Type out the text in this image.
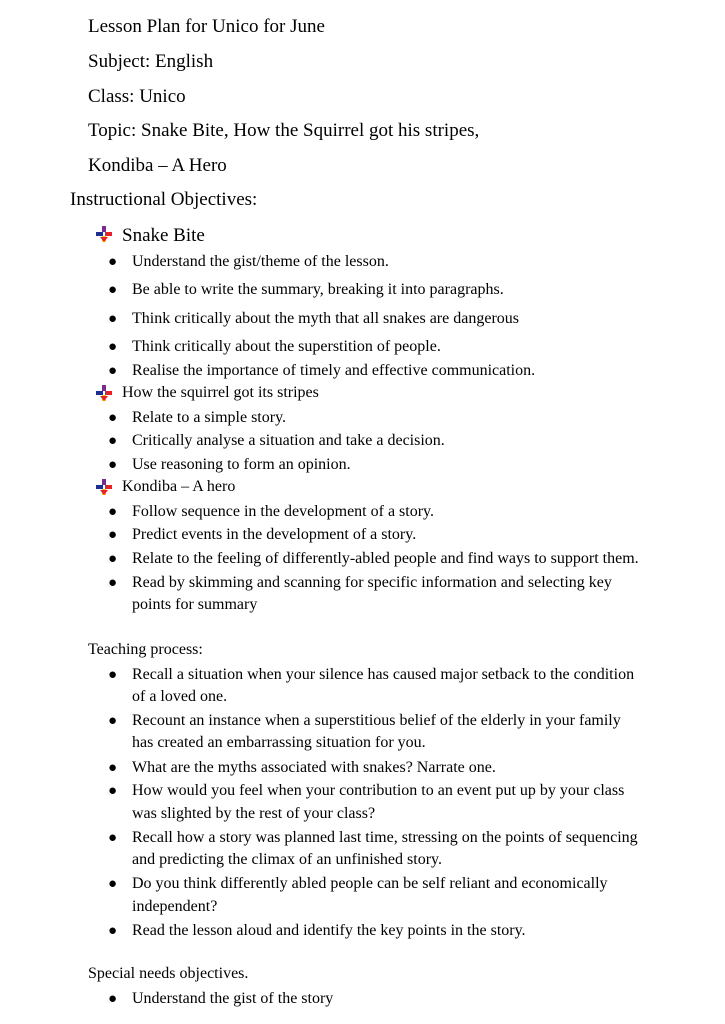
Lesson Plan for Unico for June
Subject: English
Class: Unico
Topic: Snake Bite, How the Squirrel got his stripes,
Kondiba – A Hero
Instructional Objectives:
Snake Bite
● Understand the gist/theme of the lesson.
● Be able to write the summary, breaking it into paragraphs.
● Think critically about the myth that all snakes are dangerous
● Think critically about the superstition of people.
● Realise the importance of timely and effective communication.
How the squirrel got its stripes
● Relate to a simple story.
● Critically analyse a situation and take a decision.
● Use reasoning to form an opinion.
Kondiba – A hero
● Follow sequence in the development of a story.
● Predict events in the development of a story.
● Relate to the feeling of differently-abled people and find ways to support them.
● Read by skimming and scanning for specific information and selecting key
points for summary
Teaching process:
● Recall a situation when your silence has caused major setback to the condition
of a loved one.
● Recount an instance when a superstitious belief of the elderly in your family
has created an embarrassing situation for you.
● What are the myths associated with snakes? Narrate one.
● How would you feel when your contribution to an event put up by your class
was slighted by the rest of your class?
● Recall how a story was planned last time, stressing on the points of sequencing
and predicting the climax of an unfinished story.
● Do you think differently abled people can be self reliant and economically
independent?
● Read the lesson aloud and identify the key points in the story.
Special needs objectives.
● Understand the gist of the story
